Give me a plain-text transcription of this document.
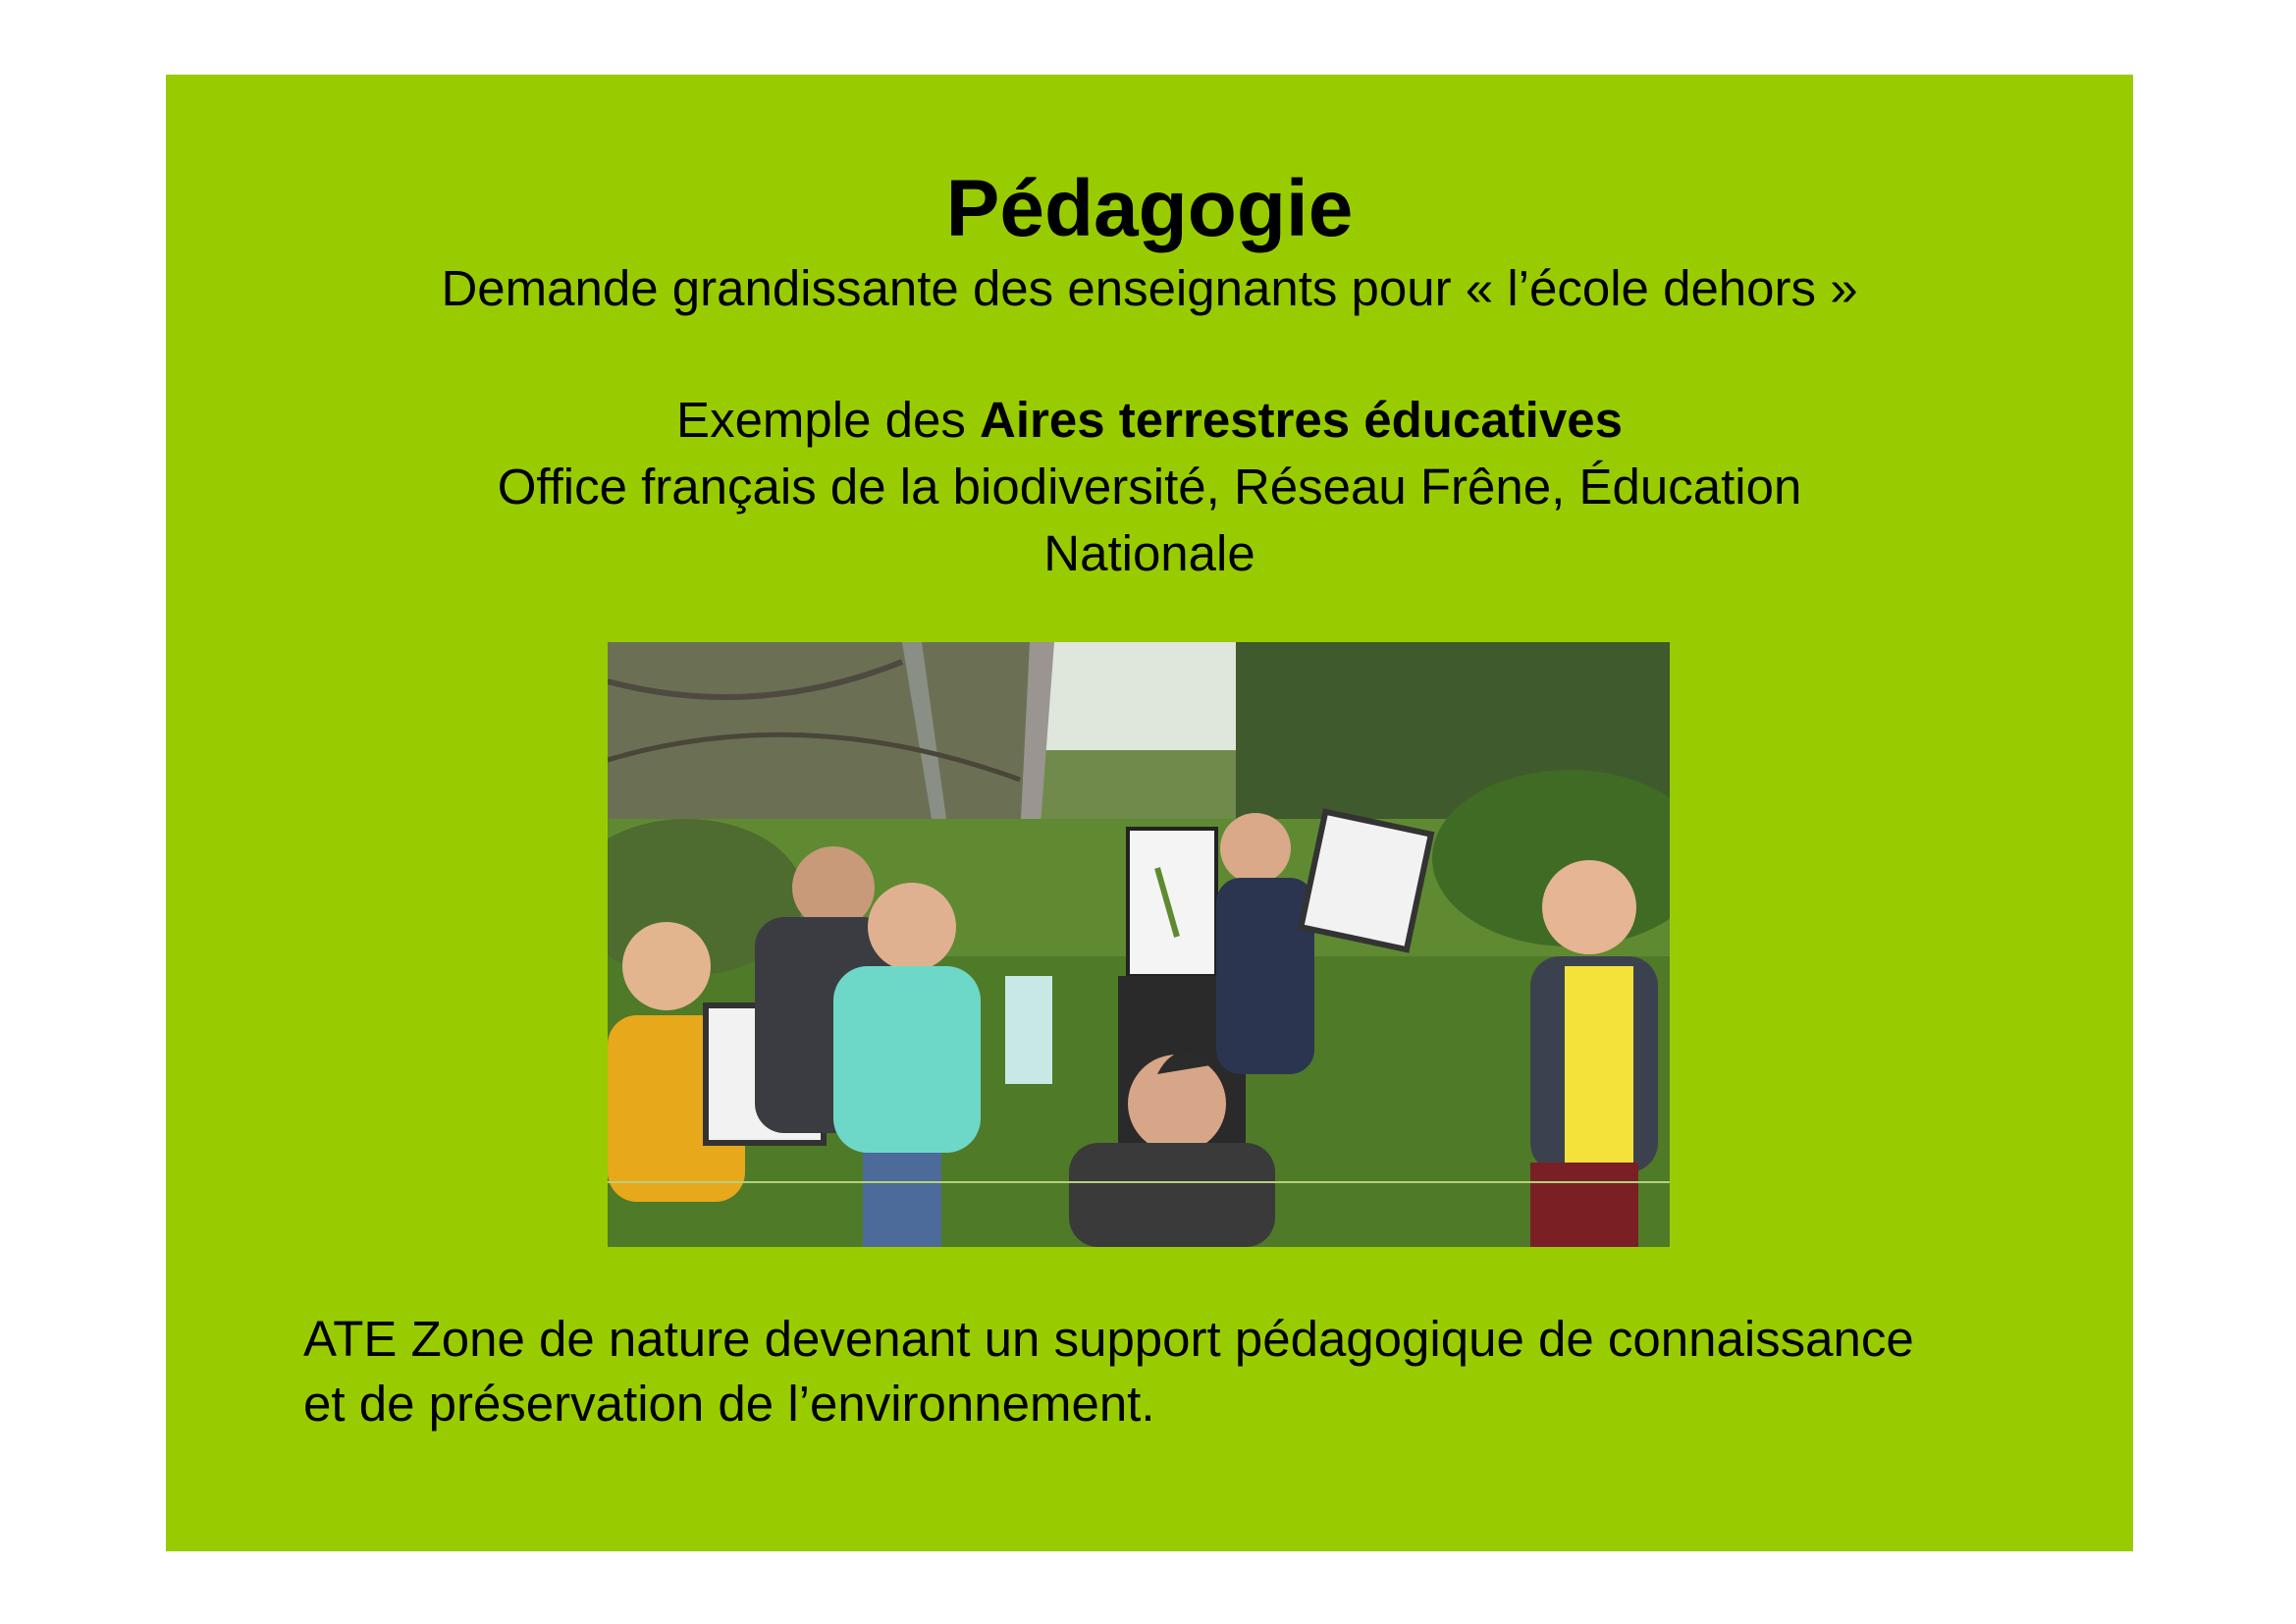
Pédagogie
Demande grandissante des enseignants pour « l’école dehors »
Exemple des Aires terrestres éducatives
Office français de la biodiversité, Réseau Frêne, Éducation
Nationale
ATE Zone de nature devenant un support pédagogique de connaissance
et de préservation de l’environnement.
